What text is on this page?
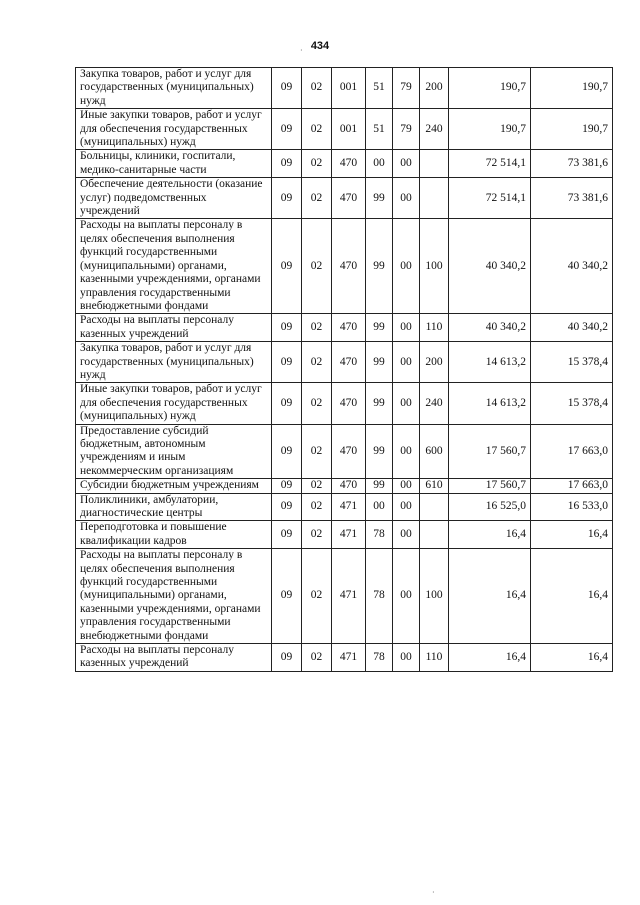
434
·
Закупка товаров, работ и услуг для государственных (муниципальных) нужд	09	02	001	51	79	200	190,7	190,7
Иные закупки товаров, работ и услуг для обеспечения государственных (муниципальных) нужд	09	02	001	51	79	240	190,7	190,7
Больницы, клиники, госпитали, медико-санитарные части	09	02	470	00	00		72 514,1	73 381,6
Обеспечение деятельности (оказание услуг) подведомственных учреждений	09	02	470	99	00		72 514,1	73 381,6
Расходы на выплаты персоналу в целях обеспечения выполнения функций государственными (муниципальными) органами, казенными учреждениями, органами управления государственными внебюджетными фондами	09	02	470	99	00	100	40 340,2	40 340,2
Расходы на выплаты персоналу казенных учреждений	09	02	470	99	00	110	40 340,2	40 340,2
Закупка товаров, работ и услуг для государственных (муниципальных) нужд	09	02	470	99	00	200	14 613,2	15 378,4
Иные закупки товаров, работ и услуг для обеспечения государственных (муниципальных) нужд	09	02	470	99	00	240	14 613,2	15 378,4
Предоставление субсидий бюджетным, автономным учреждениям и иным некоммерческим организациям	09	02	470	99	00	600	17 560,7	17 663,0
Субсидии бюджетным учреждениям	09	02	470	99	00	610	17 560,7	17 663,0
Поликлиники, амбулатории, диагностические центры	09	02	471	00	00		16 525,0	16 533,0
Переподготовка и повышение квалификации кадров	09	02	471	78	00		16,4	16,4
Расходы на выплаты персоналу в целях обеспечения выполнения функций государственными (муниципальными) органами, казенными учреждениями, органами управления государственными внебюджетными фондами	09	02	471	78	00	100	16,4	16,4
Расходы на выплаты персоналу казенных учреждений	09	02	471	78	00	110	16,4	16,4
·
